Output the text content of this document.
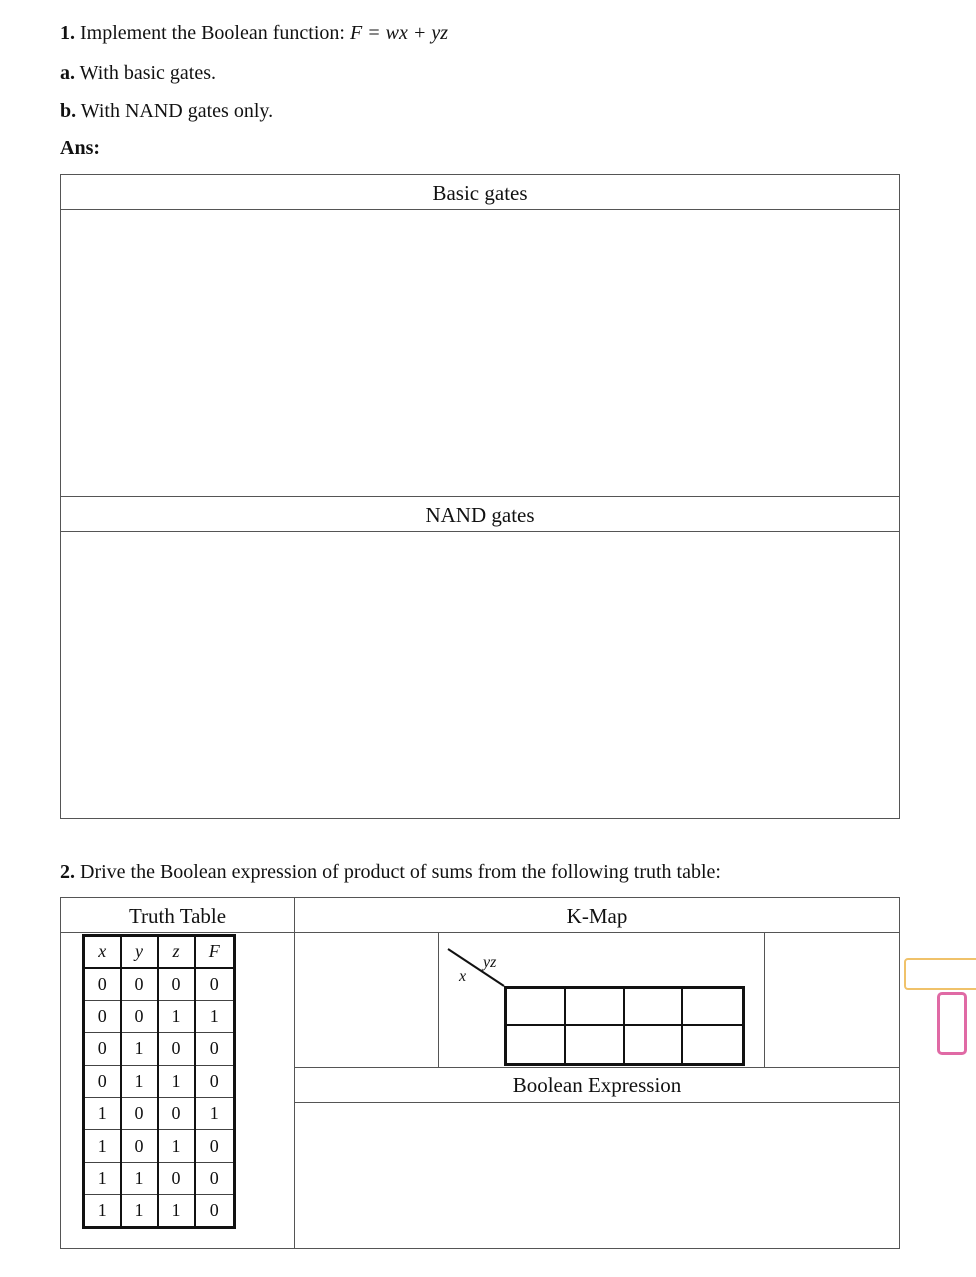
1. Implement the Boolean function: F = wx + yz
a. With basic gates.
b. With NAND gates only.
Ans:
Basic gates
NAND gates
2. Drive the Boolean expression of product of sums from the following truth table:
Truth Table	K-Map
Boolean Expression
x	y	z	F
0	0	0	0
0	0	1	1
0	1	0	0
0	1	1	0
1	0	0	1
1	0	1	0
1	1	0	0
1	1	1	0
yz
x
